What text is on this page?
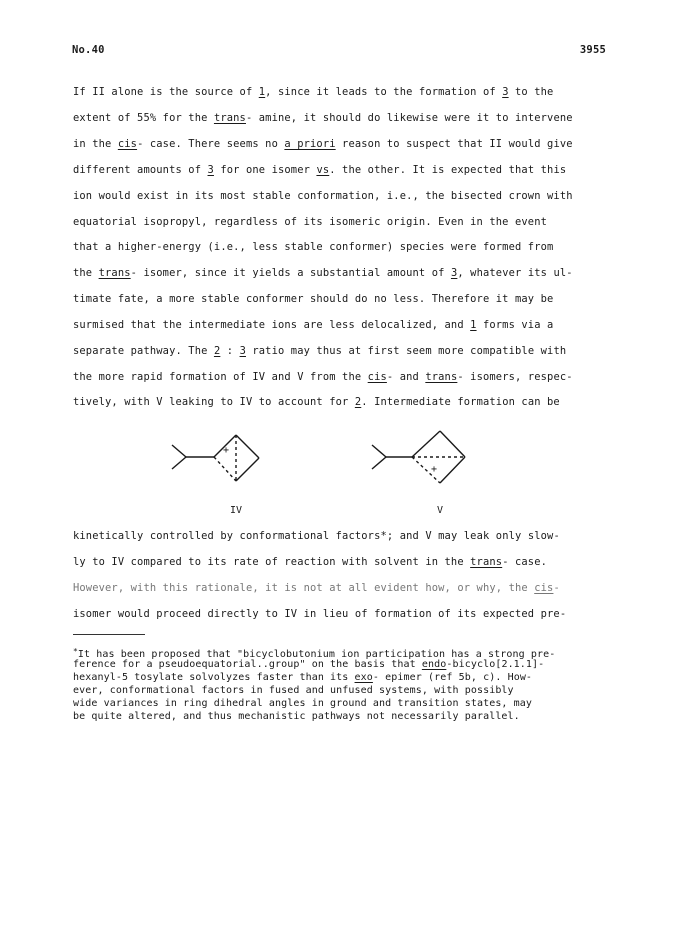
No.40	3955
If II alone is the source of 1, since it leads to the formation of 3 to the
extent of 55% for the trans- amine, it should do likewise were it to intervene
in the cis- case. There seems no a priori reason to suspect that II would give
different amounts of 3 for one isomer vs. the other. It is expected that this
ion would exist in its most stable conformation, i.e., the bisected crown with
equatorial isopropyl, regardless of its isomeric origin. Even in the event
that a higher-energy (i.e., less stable conformer) species were formed from
the trans- isomer, since it yields a substantial amount of 3, whatever its ul-
timate fate, a more stable conformer should do no less. Therefore it may be
surmised that the intermediate ions are less delocalized, and 1 forms via a
separate pathway. The 2 : 3 ratio may thus at first seem more compatible with
the more rapid formation of IV and V from the cis- and trans- isomers, respec-
tively, with V leaking to IV to account for 2. Intermediate formation can be
+
+
IV	V
kinetically controlled by conformational factors*; and V may leak only slow-
ly to IV compared to its rate of reaction with solvent in the trans- case.
However, with this rationale, it is not at all evident how, or why, the cis-
isomer would proceed directly to IV in lieu of formation of its expected pre-
*It has been proposed that "bicyclobutonium ion participation has a strong pre-
ference for a pseudoequatorial..group" on the basis that endo-bicyclo[2.1.1]-
hexanyl-5 tosylate solvolyzes faster than its exo- epimer (ref 5b, c). How-
ever, conformational factors in fused and unfused systems, with possibly
wide variances in ring dihedral angles in ground and transition states, may
be quite altered, and thus mechanistic pathways not necessarily parallel.
